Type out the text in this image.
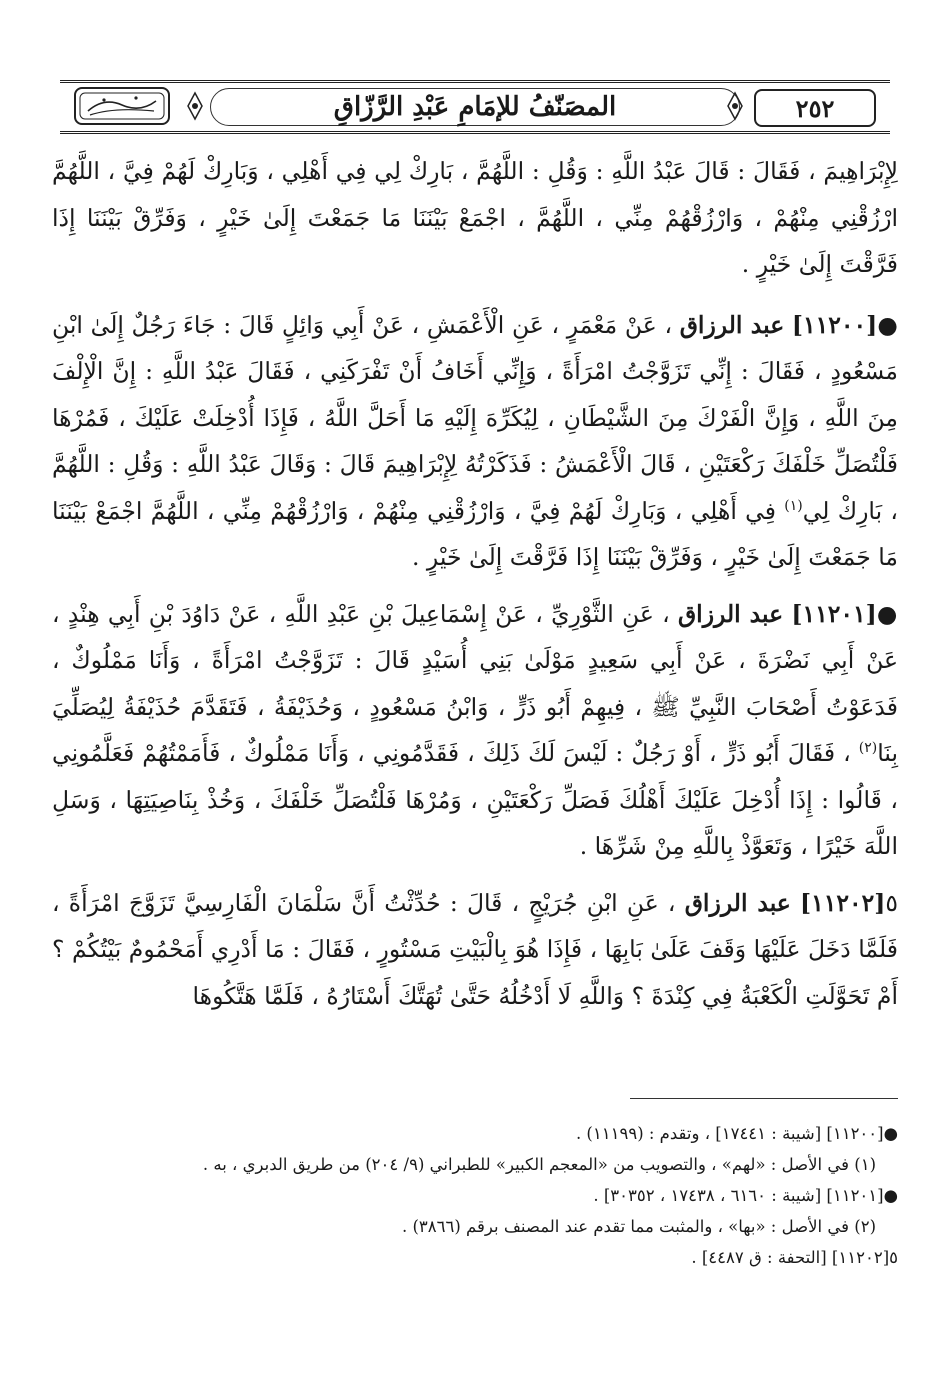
٢٥٢
المصَنّفُ للإمَامِ عَبْدِ الرَّزّاقِ

لِإِبْرَاهِيمَ ، فَقَالَ : قَالَ عَبْدُ اللَّهِ : وَقُلِ : اللَّهُمَّ ، بَارِكْ لِي فِي أَهْلِي ، وَبَارِكْ لَهُمْ فِيَّ ، اللَّهُمَّ ارْزُقْنِي مِنْهُمْ ، وَارْزُقْهُمْ مِنِّي ، اللَّهُمَّ ، اجْمَعْ بَيْنَنَا مَا جَمَعْتَ إِلَىٰ خَيْرٍ ، وَفَرِّقْ بَيْنَنَا إِذَا فَرَّقْتَ إِلَىٰ خَيْرٍ .

●[١١٢٠٠] عبد الرزاق ، عَنْ مَعْمَرٍ ، عَنِ الْأَعْمَشِ ، عَنْ أَبِي وَائِلٍ قَالَ : جَاءَ رَجُلٌ إِلَىٰ ابْنِ مَسْعُودٍ ، فَقَالَ : إِنِّي تَزَوَّجْتُ امْرَأَةً ، وَإِنِّي أَخَافُ أَنْ تَفْرَكَنِي ، فَقَالَ عَبْدُ اللَّهِ : إِنَّ الْإِلْفَ مِنَ اللَّهِ ، وَإِنَّ الْفَرْكَ مِنَ الشَّيْطَانِ ، لِيُكَرِّهَ إِلَيْهِ مَا أَحَلَّ اللَّهُ ، فَإِذَا أُدْخِلَتْ عَلَيْكَ ، فَمُرْهَا فَلْتُصَلِّ خَلْفَكَ رَكْعَتَيْنِ ، قَالَ الْأَعْمَشُ : فَذَكَرْتُهُ لِإِبْرَاهِيمَ قَالَ : وَقَالَ عَبْدُ اللَّهِ : وَقُلِ : اللَّهُمَّ ، بَارِكْ لِي$^{(١)}$ فِي أَهْلِي ، وَبَارِكْ لَهُمْ فِيَّ ، وَارْزُقْنِي مِنْهُمْ ، وَارْزُقْهُمْ مِنِّي ، اللَّهُمَّ اجْمَعْ بَيْنَنَا مَا جَمَعْتَ إِلَىٰ خَيْرٍ ، وَفَرِّقْ بَيْنَنَا إِذَا فَرَّقْتَ إِلَىٰ خَيْرٍ .

●[١١٢٠١] عبد الرزاق ، عَنِ الثَّوْرِيِّ ، عَنْ إِسْمَاعِيلَ بْنِ عَبْدِ اللَّهِ ، عَنْ دَاوُدَ بْنِ أَبِي هِنْدٍ ، عَنْ أَبِي نَضْرَةَ ، عَنْ أَبِي سَعِيدٍ مَوْلَىٰ بَنِي أُسَيْدٍ قَالَ : تَزَوَّجْتُ امْرَأَةً ، وَأَنَا مَمْلُوكٌ ، فَدَعَوْتُ أَصْحَابَ النَّبِيِّ ﷺ ، فِيهِمْ أَبُو ذَرٍّ ، وَابْنُ مَسْعُودٍ ، وَحُذَيْفَةُ ، فَتَقَدَّمَ حُذَيْفَةُ لِيُصَلِّيَ بِنَا$^{(٢)}$ ، فَقَالَ أَبُو ذَرٍّ ، أَوْ رَجُلٌ : لَيْسَ لَكَ ذَلِكَ ، فَقَدَّمُونِي ، وَأَنَا مَمْلُوكٌ ، فَأَمَمْتُهُمْ فَعَلَّمُونِي ، قَالُوا : إِذَا أُدْخِلَ عَلَيْكَ أَهْلُكَ فَصَلِّ رَكْعَتَيْنِ ، وَمُرْهَا فَلْتُصَلِّ خَلْفَكَ ، وَخُذْ بِنَاصِيَتِهَا ، وَسَلِ اللَّهَ خَيْرًا ، وَتَعَوَّذْ بِاللَّهِ مِنْ شَرِّهَا .

٥[١١٢٠٢] عبد الرزاق ، عَنِ ابْنِ جُرَيْجٍ ، قَالَ : حُدِّثْتُ أَنَّ سَلْمَانَ الْفَارِسِيَّ تَزَوَّجَ امْرَأَةً ، فَلَمَّا دَخَلَ عَلَيْهَا وَقَفَ عَلَىٰ بَابِهَا ، فَإِذَا هُوَ بِالْبَيْتِ مَسْتُورٍ ، فَقَالَ : مَا أَدْرِي أَمَحْمُومٌ بَيْتُكُمْ ؟ أَمْ تَحَوَّلَتِ الْكَعْبَةُ فِي كِنْدَةَ ؟ وَاللَّهِ لَا أَدْخُلُهُ حَتَّىٰ تُهَتَّكَ أَسْتَارُهُ ، فَلَمَّا هَتَّكُوهَا

●[١١٢٠٠] [شيبة : ١٧٤٤١] ، وتقدم : (١١١٩٩) .

(١) في الأصل : «لهم» ، والتصويب من «المعجم الكبير» للطبراني (٩/ ٢٠٤) من طريق الدبري ، به .

●[١١٢٠١] [شيبة : ٦١٦٠ ، ١٧٤٣٨ ، ٣٠٣٥٢] .

(٢) في الأصل : «بها» ، والمثبت مما تقدم عند المصنف برقم (٣٨٦٦) .

٥[١١٢٠٢] [التحفة : ق ٤٤٨٧] .
